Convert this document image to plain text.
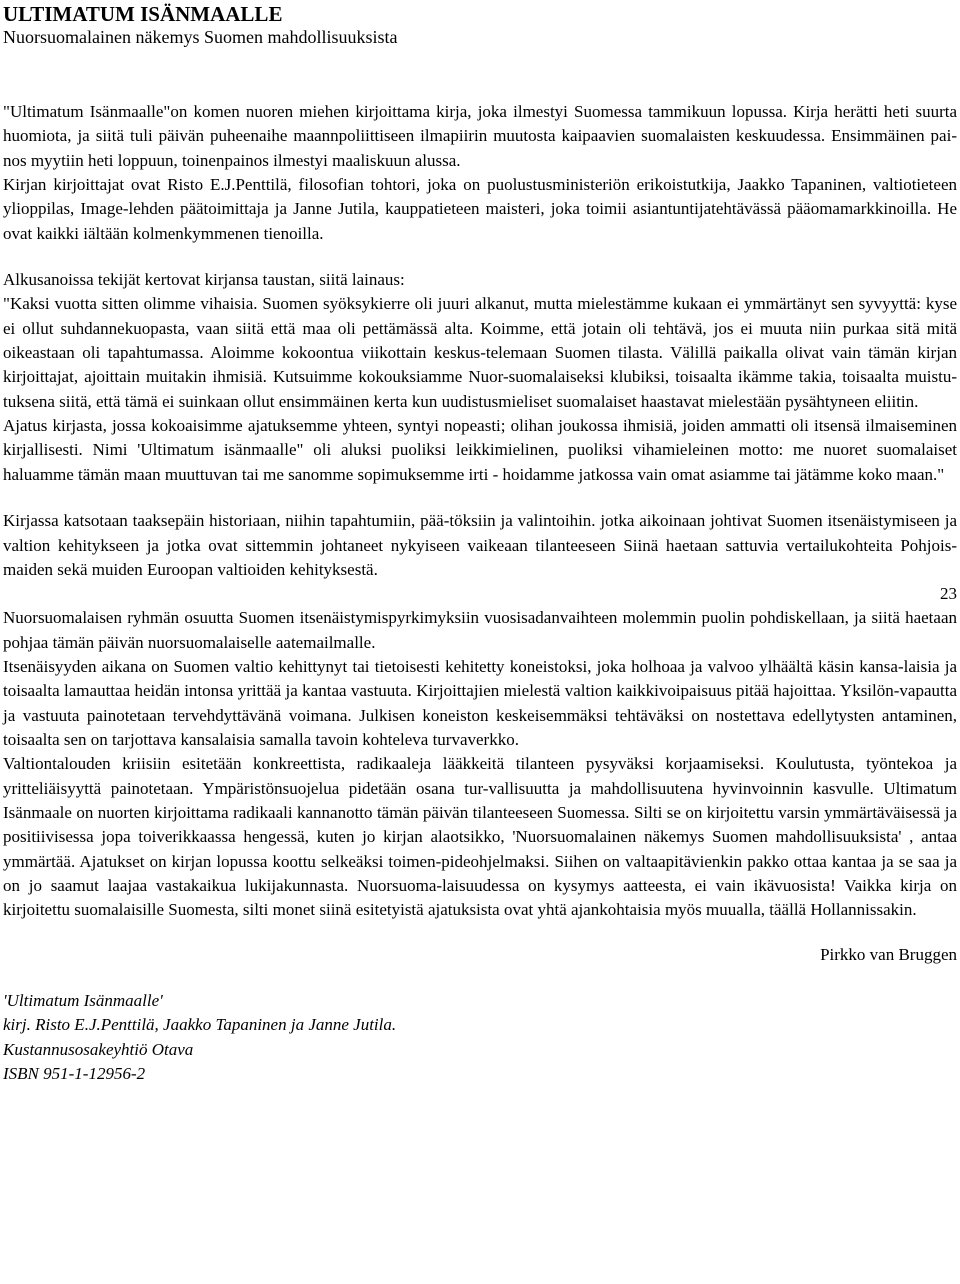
ULTIMATUM ISÄNMAALLE
Nuorsuomalainen näkemys Suomen mahdollisuuksista

"Ultimatum Isänmaalle"on komen nuoren miehen kirjoittama kirja, joka ilmestyi Suomessa tammikuun lopussa. Kirja herätti heti suurta huomiota, ja siitä tuli päivän puheenaihe maannpoliittiseen ilmapiirin muutosta kaipaavien suomalaisten keskuudessa. Ensimmäinen pai-nos myytiin heti loppuun, toinenpainos ilmestyi maaliskuun alussa.

Kirjan kirjoittajat ovat Risto E.J.Penttilä, filosofian tohtori, joka on puolustusministeriön erikoistutkija, Jaakko Tapaninen, valtiotieteen ylioppilas, Image-lehden päätoimittaja ja Janne Jutila, kauppatieteen maisteri, joka toimii asiantuntijatehtävässä pääomamarkkinoilla. He ovat kaikki iältään kolmenkymmenen tienoilla.

Alkusanoissa tekijät kertovat kirjansa taustan, siitä lainaus:

"Kaksi vuotta sitten olimme vihaisia. Suomen syöksykierre oli juuri alkanut, mutta mielestämme kukaan ei ymmärtänyt sen syvyyttä: kyse ei ollut suhdannekuopasta, vaan siitä että maa oli pettämässä alta. Koimme, että jotain oli tehtävä, jos ei muuta niin purkaa sitä mitä oikeastaan oli tapahtumassa. Aloimme kokoontua viikottain keskus-telemaan Suomen tilasta. Välillä paikalla olivat vain tämän kirjan kirjoittajat, ajoittain muitakin ihmisiä. Kutsuimme kokouksiamme Nuor-suomalaiseksi klubiksi, toisaalta ikämme takia, toisaalta muistu-tuksena siitä, että tämä ei suinkaan ollut ensimmäinen kerta kun uudistusmieliset suomalaiset haastavat mielestään pysähtyneen eliitin.

Ajatus kirjasta, jossa kokoaisimme ajatuksemme yhteen, syntyi nopeasti; olihan joukossa ihmisiä, joiden ammatti oli itsensä ilmaiseminen kirjallisesti. Nimi 'Ultimatum isänmaalle" oli aluksi puoliksi leikkimielinen, puoliksi vihamieleinen motto: me nuoret suomalaiset haluamme tämän maan muuttuvan tai me sanomme sopimuksemme irti - hoidamme jatkossa vain omat asiamme tai jätämme koko maan."

Kirjassa katsotaan taaksepäin historiaan, niihin tapahtumiin, pää-töksiin ja valintoihin. jotka aikoinaan johtivat Suomen itsenäistymiseen ja valtion kehitykseen ja jotka ovat sittemmin johtaneet nykyiseen vaikeaan tilanteeseen Siinä haetaan sattuvia vertailukohteita Pohjois-maiden sekä muiden Euroopan valtioiden kehityksestä.

23

Nuorsuomalaisen ryhmän osuutta Suomen itsenäistymispyrkimyksiin vuosisadanvaihteen molemmin puolin pohdiskellaan, ja siitä haetaan pohjaa tämän päivän nuorsuomalaiselle aatemailmalle.

Itsenäisyyden aikana on Suomen valtio kehittynyt tai tietoisesti kehitetty koneistoksi, joka holhoaa ja valvoo ylhäältä käsin kansa-laisia ja toisaalta lamauttaa heidän intonsa yrittää ja kantaa vastuuta. Kirjoittajien mielestä valtion kaikkivoipaisuus pitää hajoittaa. Yksilön-vapautta ja vastuuta painotetaan tervehdyttävänä voimana. Julkisen koneiston keskeisemmäksi tehtäväksi on nostettava edellytysten antaminen, toisaalta sen on tarjottava kansalaisia samalla tavoin kohteleva turvaverkko.

Valtiontalouden kriisiin esitetään konkreettista, radikaaleja lääkkeitä tilanteen pysyväksi korjaamiseksi. Koulutusta, työntekoa ja yritteliäisyyttä painotetaan. Ympäristönsuojelua pidetään osana tur-vallisuutta ja mahdollisuutena hyvinvoinnin kasvulle. Ultimatum Isänmaale on nuorten kirjoittama radikaali kannanotto tämän päivän tilanteeseen Suomessa. Silti se on kirjoitettu varsin ymmärtäväisessä ja positiivisessa jopa toiverikkaassa hengessä, kuten jo kirjan alaotsikko, 'Nuorsuomalainen näkemys Suomen mahdollisuuksista' , antaa ymmärtää. Ajatukset on kirjan lopussa koottu selkeäksi toimen-pideohjelmaksi. Siihen on valtaapitävienkin pakko ottaa kantaa ja se saa ja on jo saamut laajaa vastakaikua lukijakunnasta. Nuorsuoma-laisuudessa on kysymys aatteesta, ei vain ikävuosista! Vaikka kirja on kirjoitettu suomalaisille Suomesta, silti monet siinä esitetyistä ajatuksista ovat yhtä ajankohtaisia myös muualla, täällä Hollannissakin.

Pirkko van Bruggen

'Ultimatum Isänmaalle'

kirj. Risto E.J.Penttilä, Jaakko Tapaninen ja Janne Jutila.

Kustannusosakeyhtiö Otava

ISBN 951-1-12956-2
